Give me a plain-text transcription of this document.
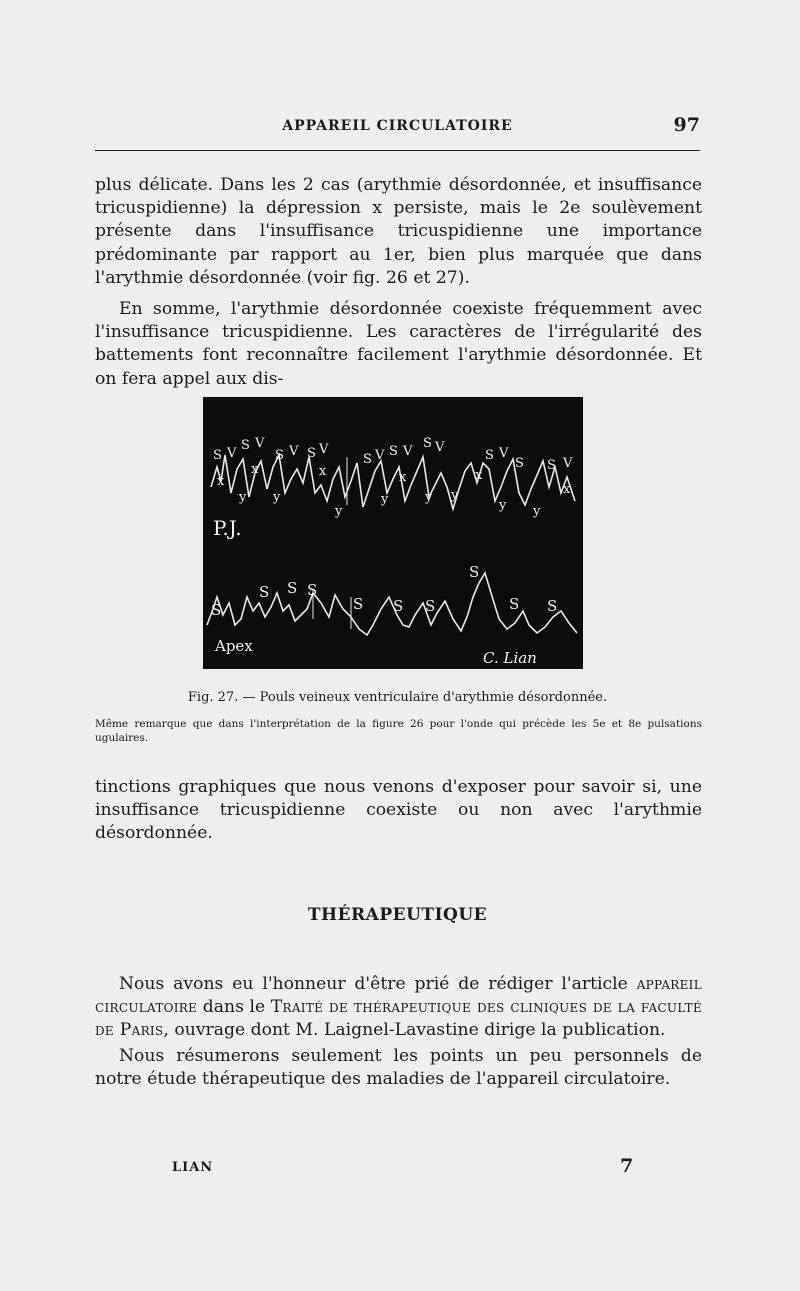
APPAREIL CIRCULATOIRE	97

plus délicate. Dans les 2 cas (arythmie désordonnée, et insuffisance tricuspidienne) la dépression x persiste, mais le 2e soulèvement présente dans l'insuffisance tricuspidienne une importance prédominante par rapport au 1er, bien plus marquée que dans l'arythmie désordonnée (voir fig. 26 et 27).

En somme, l'arythmie désordonnée coexiste fréquemment avec l'insuffisance tricuspidienne. Les caractères de l'irrégularité des battements font reconnaître facilement l'arythmie désordonnée. Et on fera appel aux dis-

S V
S V
S V S V
S V S V
S V
S V
S S V
x
x	x	x	x
x
y y
y
y	y y
y y
S
S S S
S S S
S
S S
P.J.
Apex
C. Lian
Fig. 27. — Pouls veineux ventriculaire d'arythmie désordonnée.

Même remarque que dans l'interprétation de la figure 26 pour l'onde qui précède les 5e et 8e pulsations ugulaires.

tinctions graphiques que nous venons d'exposer pour savoir si, une insuffisance tricuspidienne coexiste ou non avec l'arythmie désordonnée.

THÉRAPEUTIQUE

Nous avons eu l'honneur d'être prié de rédiger l'article appareil circulatoire dans le Traité de thérapeutique des cliniques de la faculté de Paris, ouvrage dont M. Laignel-Lavastine dirige la publication.

Nous résumerons seulement les points un peu personnels de notre étude thérapeutique des maladies de l'appareil circulatoire.

LIAN	7
